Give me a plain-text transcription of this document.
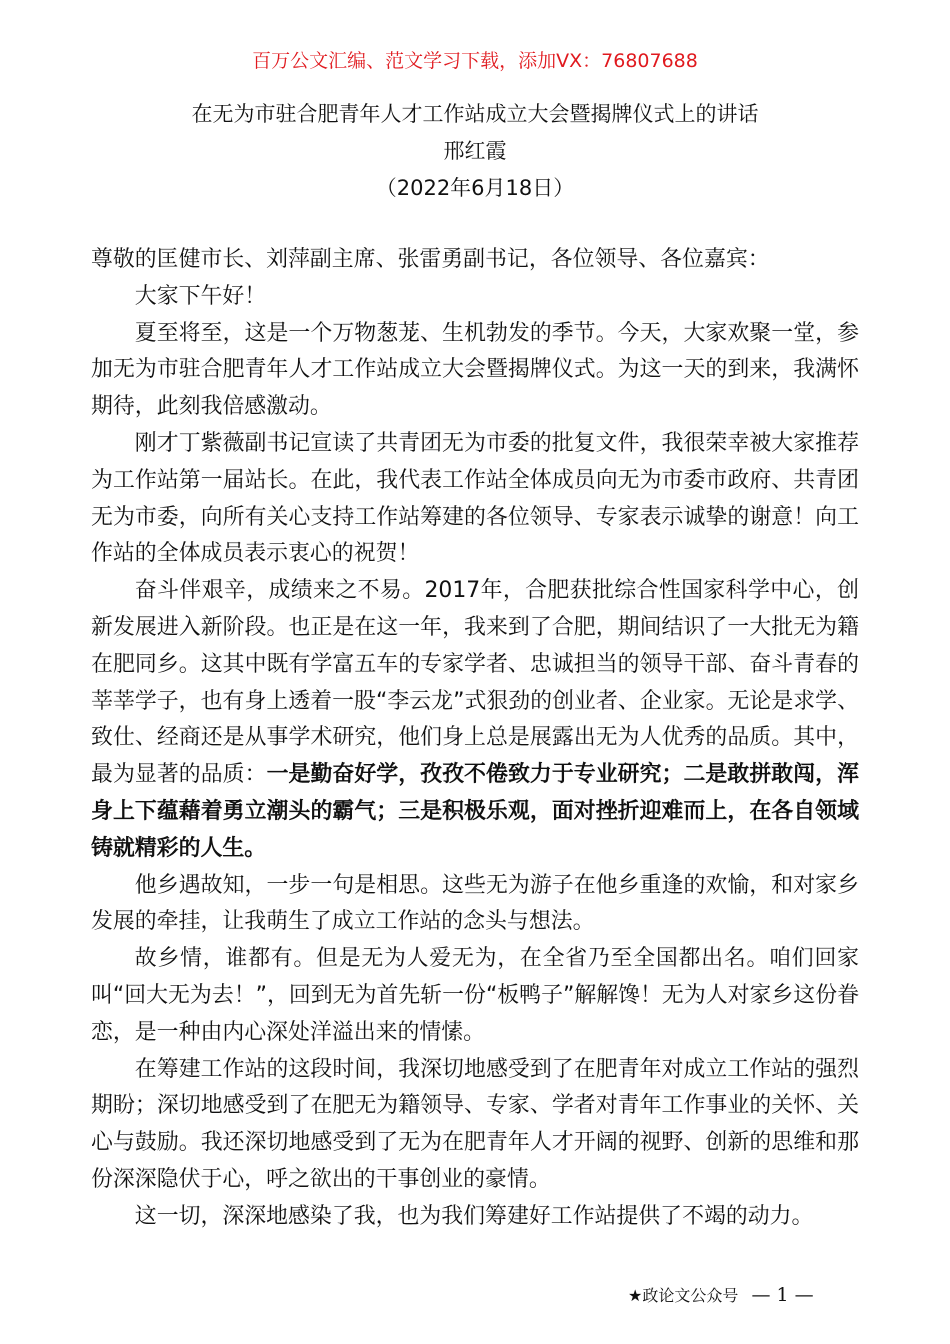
百万公文汇编、范文学习下载，添加VX：76807688
在无为市驻合肥青年人才工作站成立大会暨揭牌仪式上的讲话
邢红霞
（2022年6月18日）

尊敬的匡健市长、刘萍副主席、张雷勇副书记，各位领导、各位嘉宾：

大家下午好！

夏至将至，这是一个万物葱茏、生机勃发的季节。今天，大家欢聚一堂，参加无为市驻合肥青年人才工作站成立大会暨揭牌仪式。为这一天的到来，我满怀期待，此刻我倍感激动。

刚才丁紫薇副书记宣读了共青团无为市委的批复文件，我很荣幸被大家推荐为工作站第一届站长。在此，我代表工作站全体成员向无为市委市政府、共青团无为市委，向所有关心支持工作站筹建的各位领导、专家表示诚挚的谢意！向工作站的全体成员表示衷心的祝贺！

奋斗伴艰辛，成绩来之不易。2017年，合肥获批综合性国家科学中心，创新发展进入新阶段。也正是在这一年，我来到了合肥，期间结识了一大批无为籍在肥同乡。这其中既有学富五车的专家学者、忠诚担当的领导干部、奋斗青春的莘莘学子，也有身上透着一股“李云龙”式狠劲的创业者、企业家。无论是求学、致仕、经商还是从事学术研究，他们身上总是展露出无为人优秀的品质。其中，最为显著的品质：一是勤奋好学，孜孜不倦致力于专业研究；二是敢拼敢闯，浑身上下蕴藉着勇立潮头的霸气；三是积极乐观，面对挫折迎难而上，在各自领域铸就精彩的人生。

他乡遇故知，一步一句是相思。这些无为游子在他乡重逢的欢愉，和对家乡发展的牵挂，让我萌生了成立工作站的念头与想法。

故乡情，谁都有。但是无为人爱无为，在全省乃至全国都出名。咱们回家叫“回大无为去！”，回到无为首先斩一份“板鸭子”解解馋！无为人对家乡这份眷恋，是一种由内心深处洋溢出来的情愫。

在筹建工作站的这段时间，我深切地感受到了在肥青年对成立工作站的强烈期盼；深切地感受到了在肥无为籍领导、专家、学者对青年工作事业的关怀、关心与鼓励。我还深切地感受到了无为在肥青年人才开阔的视野、创新的思维和那份深深隐伏于心，呼之欲出的干事创业的豪情。

这一切，深深地感染了我，也为我们筹建好工作站提供了不竭的动力。

★政论文公众号 — 1 —
